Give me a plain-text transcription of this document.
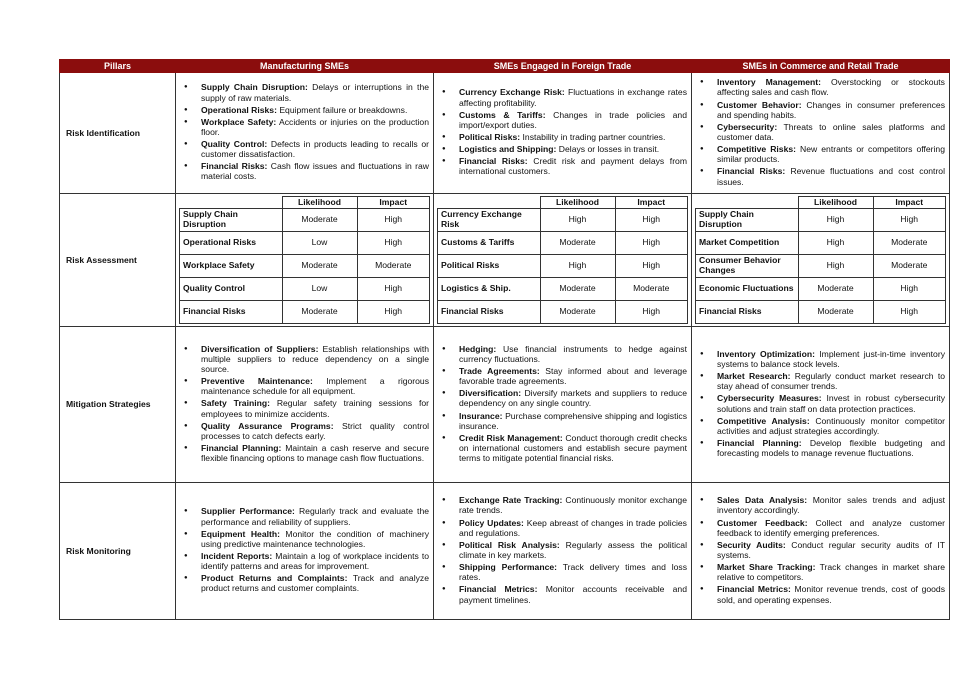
Pillars	Manufacturing SMEs	SMEs Engaged in Foreign Trade	SMEs in Commerce and Retail Trade
Risk Identification	
● Supply Chain Disruption: Delays or interruptions in the supply of raw materials.
● Operational Risks: Equipment failure or breakdowns.
● Workplace Safety: Accidents or injuries on the production floor.
● Quality Control: Defects in products leading to recalls or customer dissatisfaction.
● Financial Risks: Cash flow issues and fluctuations in raw material costs.

● Currency Exchange Risk: Fluctuations in exchange rates affecting profitability.
● Customs & Tariffs: Changes in trade policies and import/export duties.
● Political Risks: Instability in trading partner countries.
● Logistics and Shipping: Delays or losses in transit.
● Financial Risks: Credit risk and payment delays from international customers.

● Inventory Management: Overstocking or stockouts affecting sales and cash flow.
● Customer Behavior: Changes in consumer preferences and spending habits.
● Cybersecurity: Threats to online sales platforms and customer data.
● Competitive Risks: New entrants or competitors offering similar products.
● Financial Risks: Revenue fluctuations and cost control issues.

Risk Assessment	
	Likelihood	Impact
Supply Chain Disruption	Moderate	High
Operational Risks	Low	High
Workplace Safety	Moderate	Moderate
Quality Control	Low	High
Financial Risks	Moderate	High

	Likelihood	Impact
Currency Exchange Risk	High	High
Customs & Tariffs	Moderate	High
Political Risks	High	High
Logistics & Ship.	Moderate	Moderate
Financial Risks	Moderate	High

	Likelihood	Impact
Supply Chain Disruption	High	High
Market Competition	High	Moderate
Consumer Behavior Changes	High	Moderate
Economic Fluctuations	Moderate	High
Financial Risks	Moderate	High

Mitigation Strategies	
● Diversification of Suppliers: Establish relationships with multiple suppliers to reduce dependency on a single source.
● Preventive Maintenance: Implement a rigorous maintenance schedule for all equipment.
● Safety Training: Regular safety training sessions for employees to minimize accidents.
● Quality Assurance Programs: Strict quality control processes to catch defects early.
● Financial Planning: Maintain a cash reserve and secure flexible financing options to manage cash flow fluctuations.

● Hedging: Use financial instruments to hedge against currency fluctuations.
● Trade Agreements: Stay informed about and leverage favorable trade agreements.
● Diversification: Diversify markets and suppliers to reduce dependency on any single country.
● Insurance: Purchase comprehensive shipping and logistics insurance.
● Credit Risk Management: Conduct thorough credit checks on international customers and establish secure payment terms to mitigate potential financial risks.

● Inventory Optimization: Implement just-in-time inventory systems to balance stock levels.
● Market Research: Regularly conduct market research to stay ahead of consumer trends.
● Cybersecurity Measures: Invest in robust cybersecurity solutions and train staff on data protection practices.
● Competitive Analysis: Continuously monitor competitor activities and adjust strategies accordingly.
● Financial Planning: Develop flexible budgeting and forecasting models to manage revenue fluctuations.

Risk Monitoring	
● Supplier Performance: Regularly track and evaluate the performance and reliability of suppliers.
● Equipment Health: Monitor the condition of machinery using predictive maintenance technologies.
● Incident Reports: Maintain a log of workplace incidents to identify patterns and areas for improvement.
● Product Returns and Complaints: Track and analyze product returns and customer complaints.

● Exchange Rate Tracking: Continuously monitor exchange rate trends.
● Policy Updates: Keep abreast of changes in trade policies and regulations.
● Political Risk Analysis: Regularly assess the political climate in key markets.
● Shipping Performance: Track delivery times and loss rates.
● Financial Metrics: Monitor accounts receivable and payment timelines.

● Sales Data Analysis: Monitor sales trends and adjust inventory accordingly.
● Customer Feedback: Collect and analyze customer feedback to identify emerging preferences.
● Security Audits: Conduct regular security audits of IT systems.
● Market Share Tracking: Track changes in market share relative to competitors.
● Financial Metrics: Monitor revenue trends, cost of goods sold, and operating expenses.
